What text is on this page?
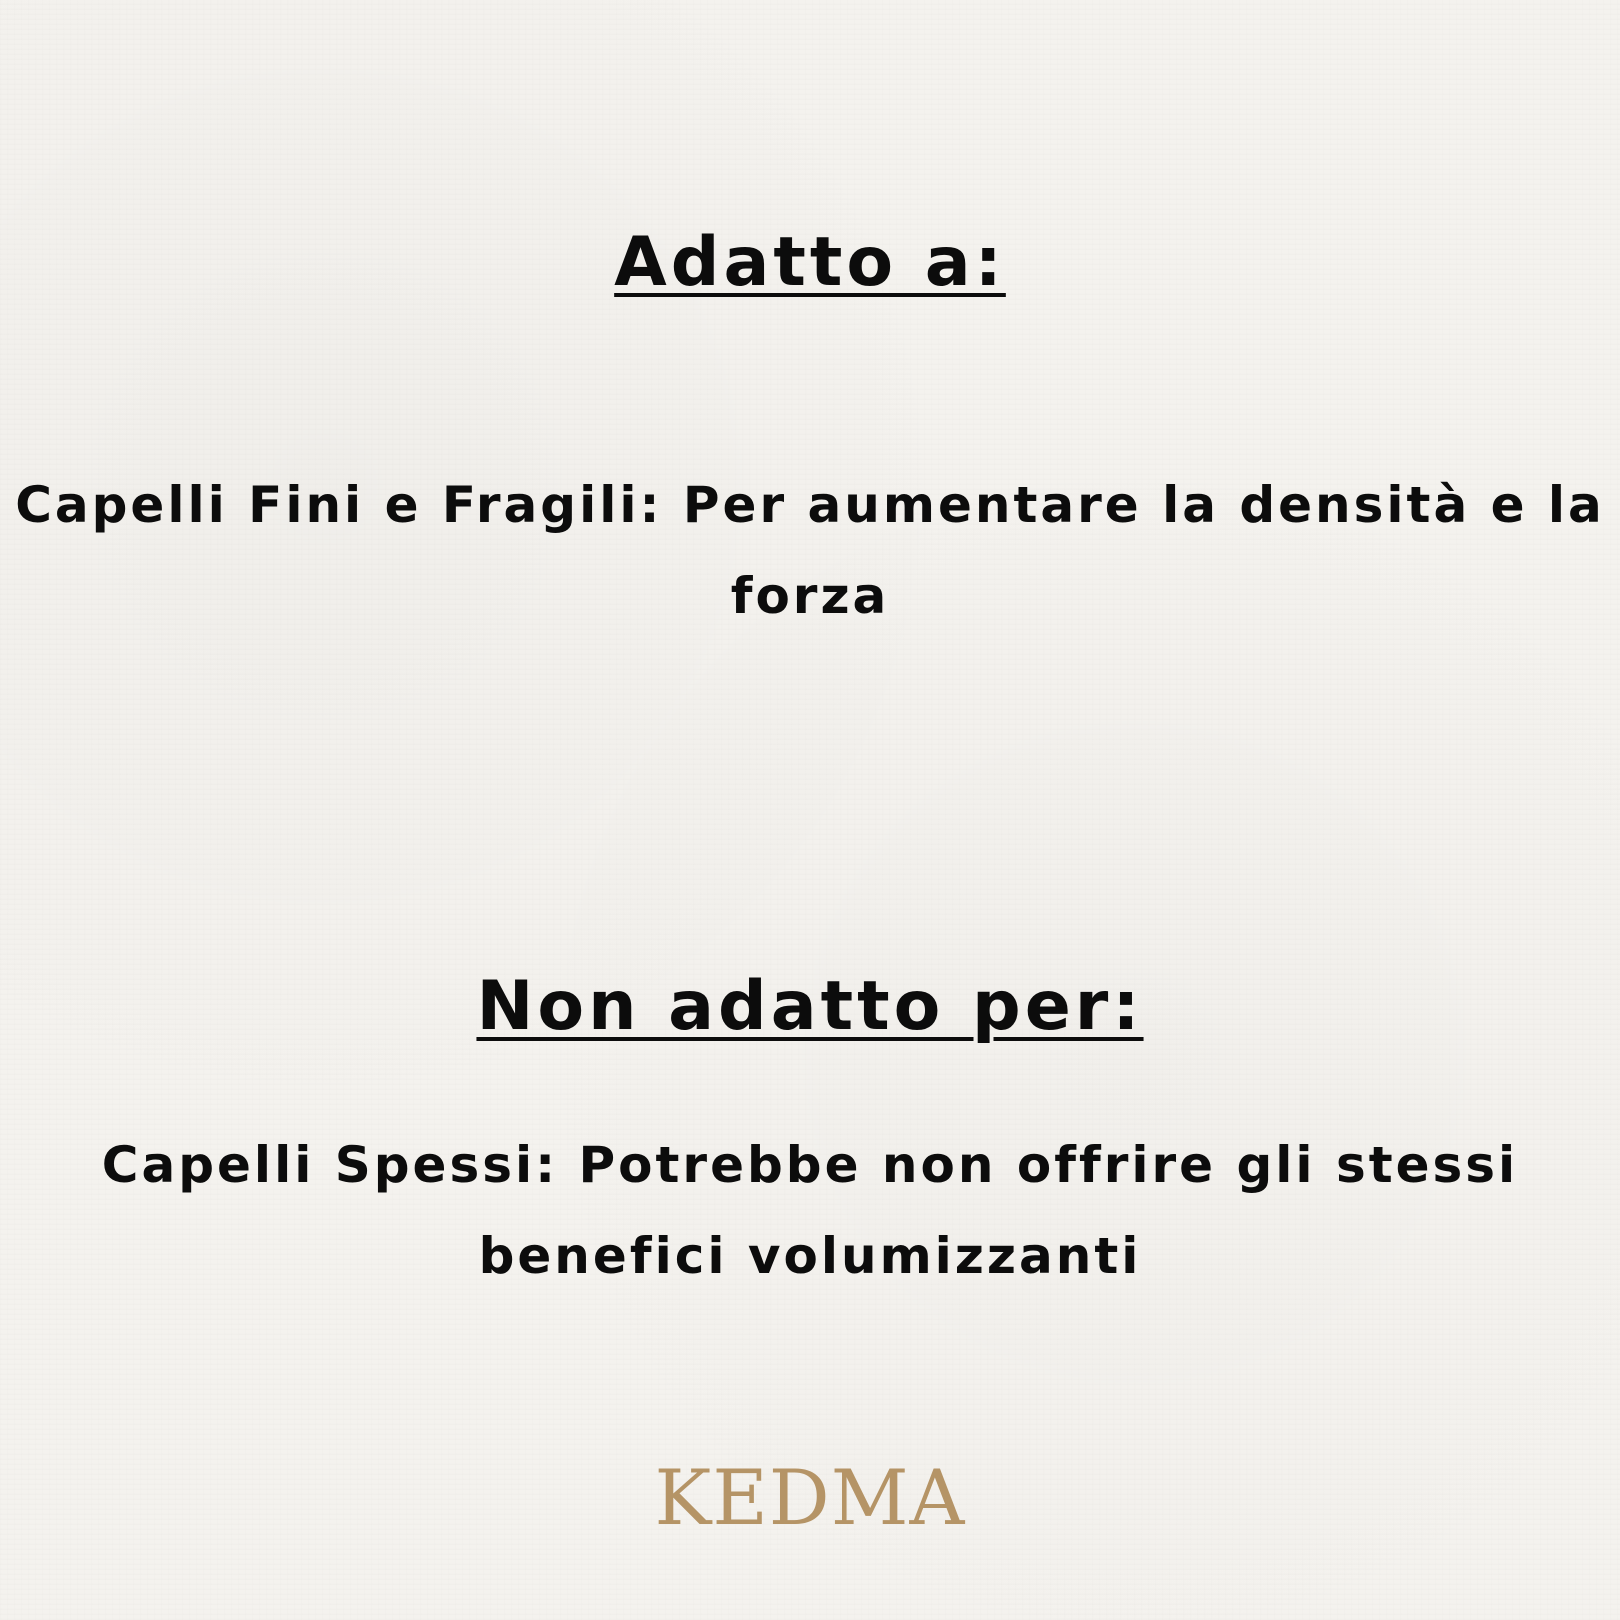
Adatto a:
Capelli Fini e Fragili: Per aumentare la densità e la forza
Non adatto per:
Capelli Spessi: Potrebbe non offrire gli stessi benefici volumizzanti
KEDMA
